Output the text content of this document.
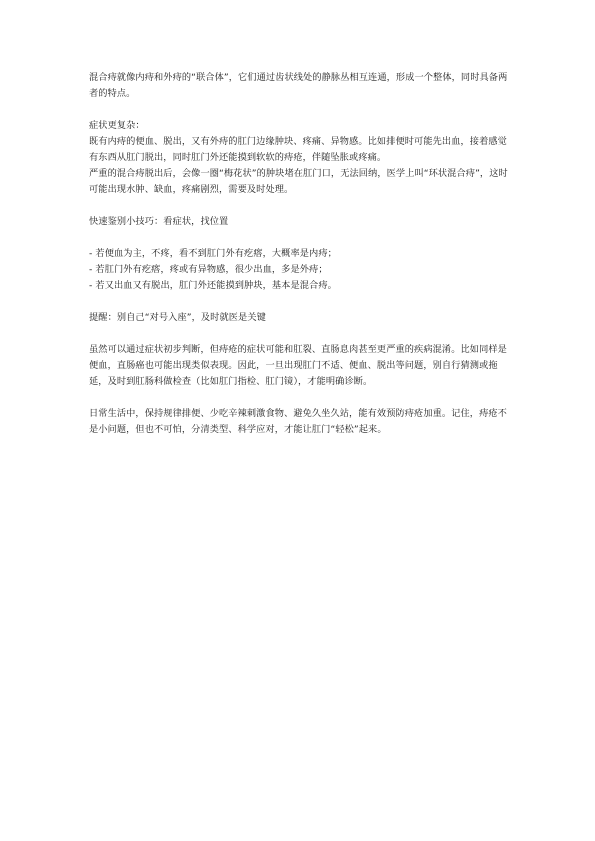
混合痔就像内痔和外痔的“联合体”，它们通过齿状线处的静脉丛相互连通，形成一个整体，同时具备两者的特点。

症状更复杂：
既有内痔的便血、脱出，又有外痔的肛门边缘肿块、疼痛、异物感。比如排便时可能先出血，接着感觉有东西从肛门脱出，同时肛门外还能摸到软软的痔疮，伴随坠胀或疼痛。
严重的混合痔脱出后，会像一圈“梅花状”的肿块堵在肛门口，无法回纳，医学上叫“环状混合痔”，这时可能出现水肿、缺血，疼痛剧烈，需要及时处理。

快速鉴别小技巧：看症状，找位置

- 若便血为主，不疼，看不到肛门外有疙瘩，大概率是内痔；
- 若肛门外有疙瘩，疼或有异物感，很少出血，多是外痔；
- 若又出血又有脱出，肛门外还能摸到肿块，基本是混合痔。

提醒：别自己“对号入座”，及时就医是关键

虽然可以通过症状初步判断，但痔疮的症状可能和肛裂、直肠息肉甚至更严重的疾病混淆。比如同样是便血，直肠癌也可能出现类似表现。因此，一旦出现肛门不适、便血、脱出等问题，别自行猜测或拖延，及时到肛肠科做检查（比如肛门指检、肛门镜），才能明确诊断。

日常生活中，保持规律排便、少吃辛辣刺激食物、避免久坐久站，能有效预防痔疮加重。记住，痔疮不是小问题，但也不可怕，分清类型、科学应对，才能让肛门“轻松”起来。
